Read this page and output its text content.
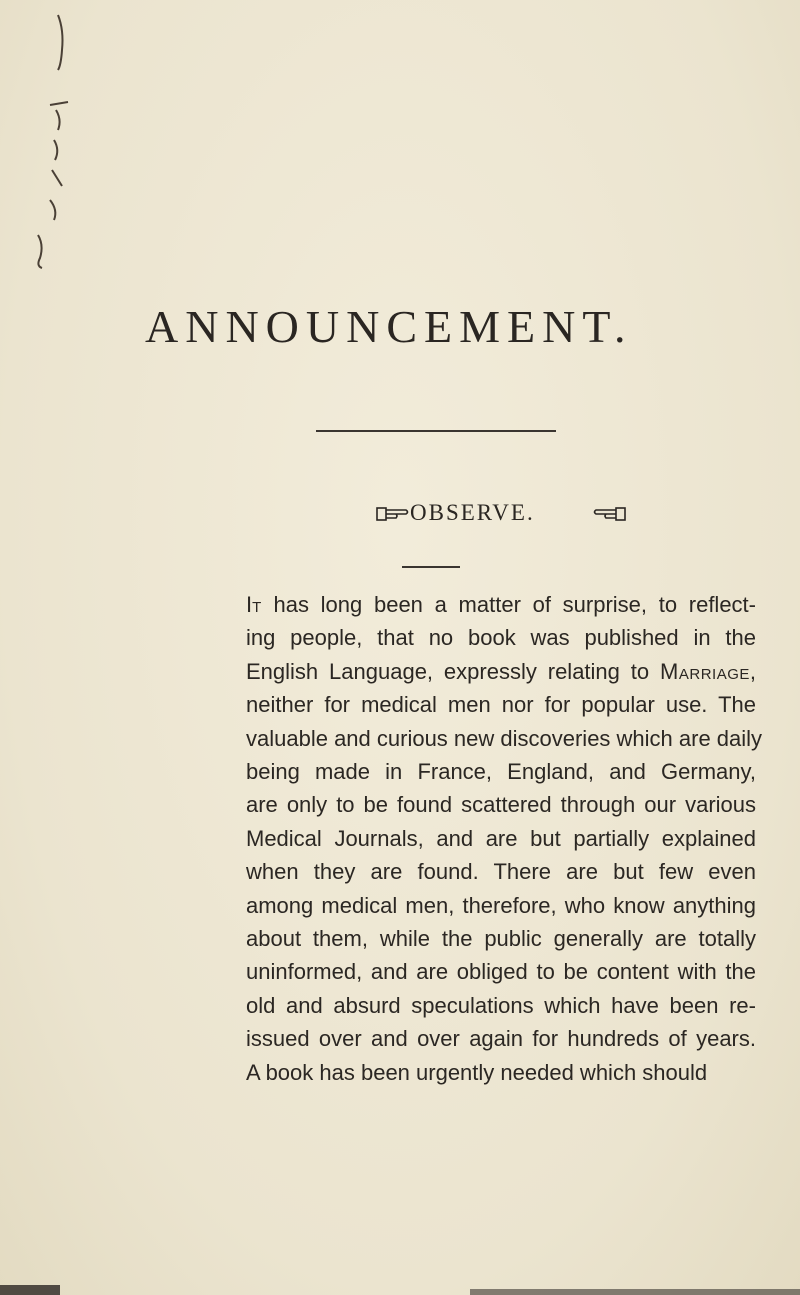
ANNOUNCEMENT.
OBSERVE.
It has long been a matter of surprise, to reflect-
ing people, that no book was published in the
English Language, expressly relating to Marriage,
neither for medical men nor for popular use. The
valuable and curious new discoveries which are daily
being made in France, England, and Germany,
are only to be found scattered through our various
Medical Journals, and are but partially explained
when they are found. There are but few even
among medical men, therefore, who know anything
about them, while the public generally are totally
uninformed, and are obliged to be content with the
old and absurd speculations which have been re-
issued over and over again for hundreds of years.
A book has been urgently needed which should
